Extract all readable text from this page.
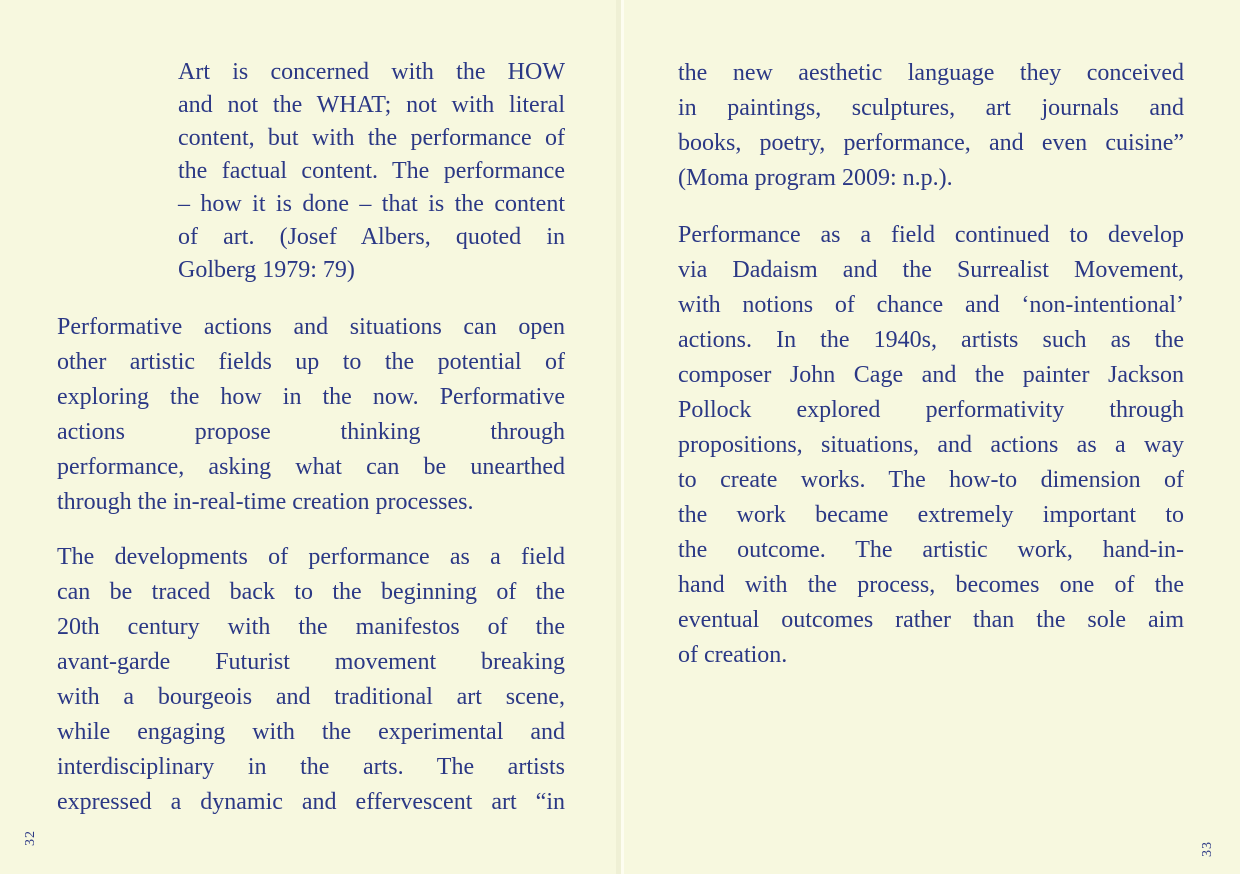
Art is concerned with the HOW
and not the WHAT; not with literal
content, but with the performance of
the factual content. The performance
– how it is done – that is the content
of art. (Josef Albers, quoted in
Golberg 1979: 79)
Performative actions and situations can open
other artistic fields up to the potential of
exploring the how in the now. Performative
actions propose thinking through
performance, asking what can be unearthed
through the in-real-time creation processes.
The developments of performance as a field
can be traced back to the beginning of the
20th century with the manifestos of the
avant-garde Futurist movement breaking
with a bourgeois and traditional art scene,
while engaging with the experimental and
interdisciplinary in the arts. The artists
expressed a dynamic and effervescent art “in
the new aesthetic language they conceived
in paintings, sculptures, art journals and
books, poetry, performance, and even cuisine”
(Moma program 2009: n.p.).
Performance as a field continued to develop
via Dadaism and the Surrealist Movement,
with notions of chance and ‘non-intentional’
actions. In the 1940s, artists such as the
composer John Cage and the painter Jackson
Pollock explored performativity through
propositions, situations, and actions as a way
to create works. The how-to dimension of
the work became extremely important to
the outcome. The artistic work, hand-in-
hand with the process, becomes one of the
eventual outcomes rather than the sole aim
of creation.
32
33
